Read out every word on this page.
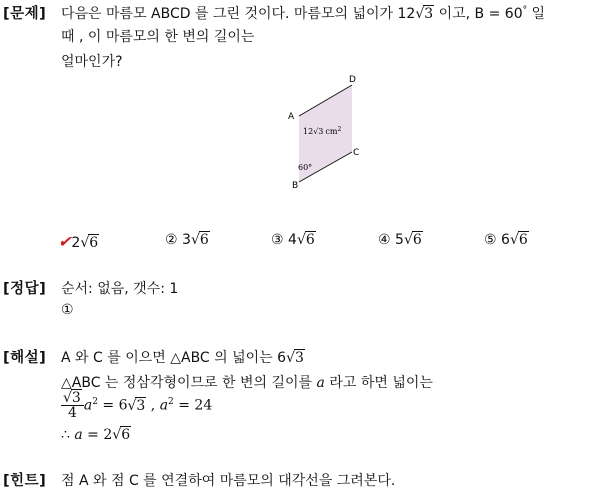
[문제] 다음은 마름모 ABCD 를 그린 것이다. 마름모의 넓이가 12√3 이고, B = 60° 일
때 , 이 마름모의 한 변의 길이는
얼마인가?
A
D
C
B
12√3 $cm^2$
60°
✔2√6	② 3√6	③ 4√6	④ 5√6	⑤ 6√6
[정답] 순서: 없음, 갯수: 1
①
[해설] A 와 C 를 이으면 △ABC 의 넓이는 6√3
△ABC 는 정삼각형이므로 한 변의 길이를 a 라고 하면 넓이는
$\frac{√3}{4} a^2 = 6√3$ , $a^2 = 24$
∴ a = 2√6
[힌트] 점 A 와 점 C 를 연결하여 마름모의 대각선을 그려본다.
